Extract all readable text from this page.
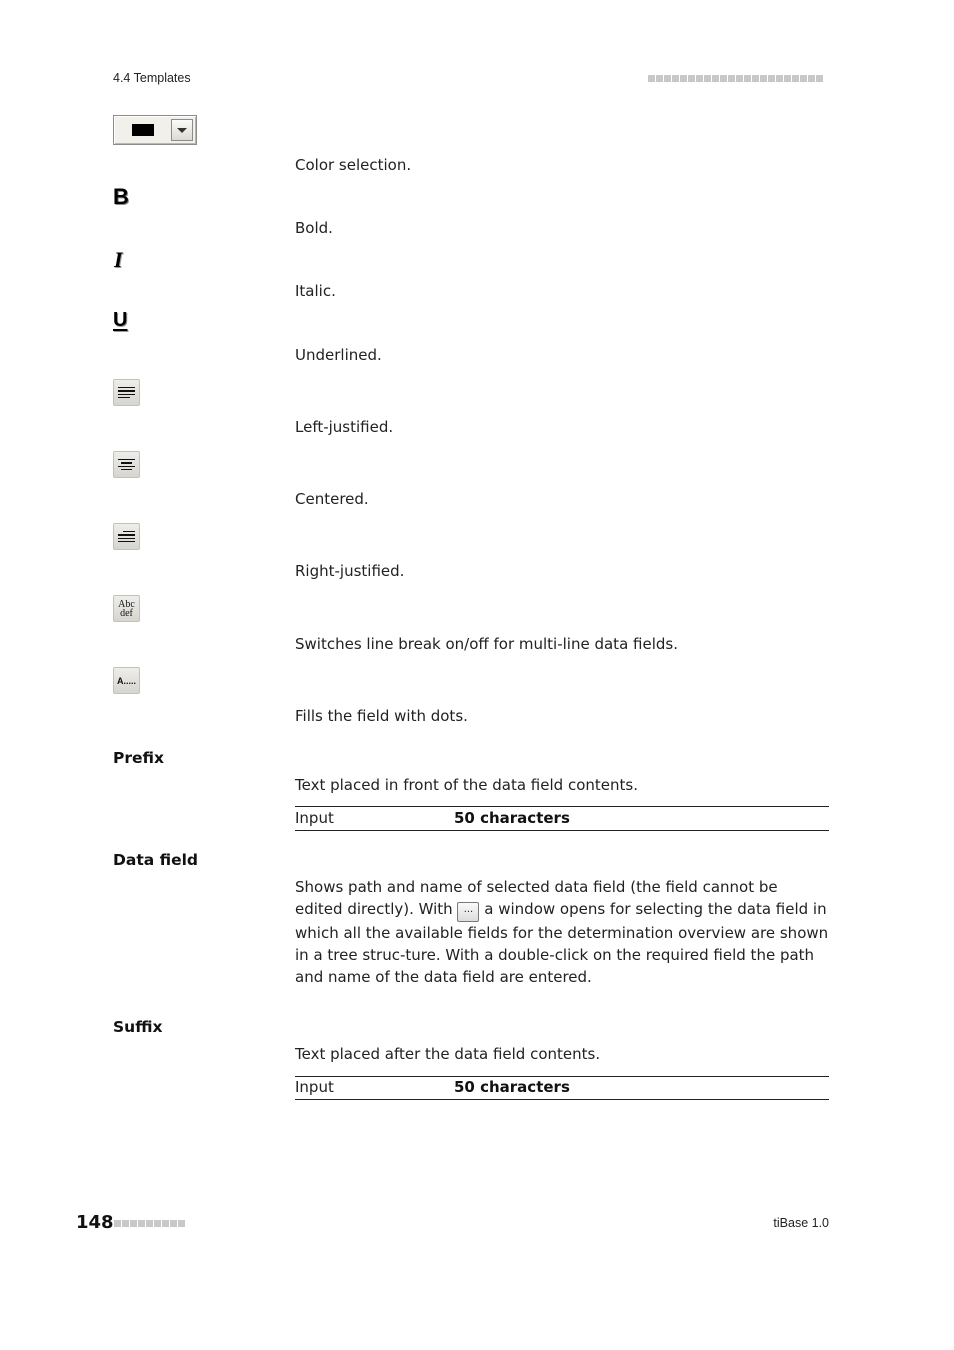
4.4 Templates
Color selection.
B
Bold.
I
Italic.
U
Underlined.
Left-justified.
Centered.
Right-justified.
Abc
def
Switches line break on/off for multi-line data fields.
A.....
Fills the field with dots.
Prefix
Text placed in front of the data field contents.
Input	50 characters
Data field
Shows path and name of selected data field (the field cannot be edited directly). With ... a window opens for selecting the data field in which all the available fields for the determination overview are shown in a tree struc-ture. With a double-click on the required field the path and name of the data field are entered.
Suffix
Text placed after the data field contents.
Input	50 characters
148	tiBase 1.0
